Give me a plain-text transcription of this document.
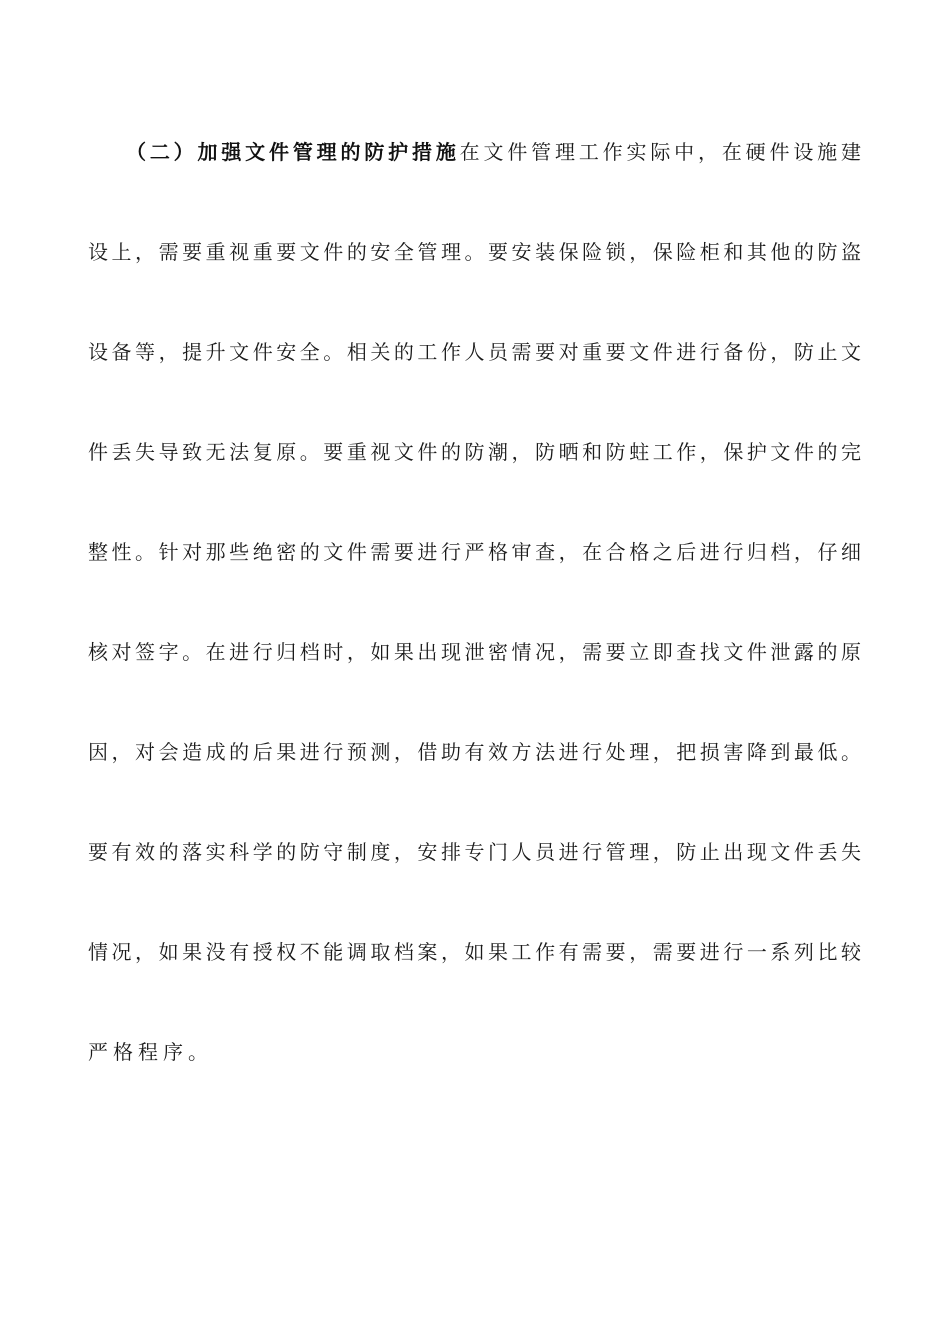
（二）加强文件管理的防护措施在文件管理工作实际中，在硬件设施建
设上，需要重视重要文件的安全管理。要安装保险锁，保险柜和其他的防盗
设备等，提升文件安全。相关的工作人员需要对重要文件进行备份，防止文
件丢失导致无法复原。要重视文件的防潮，防晒和防蛀工作，保护文件的完
整性。针对那些绝密的文件需要进行严格审查，在合格之后进行归档，仔细
核对签字。在进行归档时，如果出现泄密情况，需要立即查找文件泄露的原
因，对会造成的后果进行预测，借助有效方法进行处理，把损害降到最低。
要有效的落实科学的防守制度，安排专门人员进行管理，防止出现文件丢失
情况，如果没有授权不能调取档案，如果工作有需要，需要进行一系列比较
严格程序。
